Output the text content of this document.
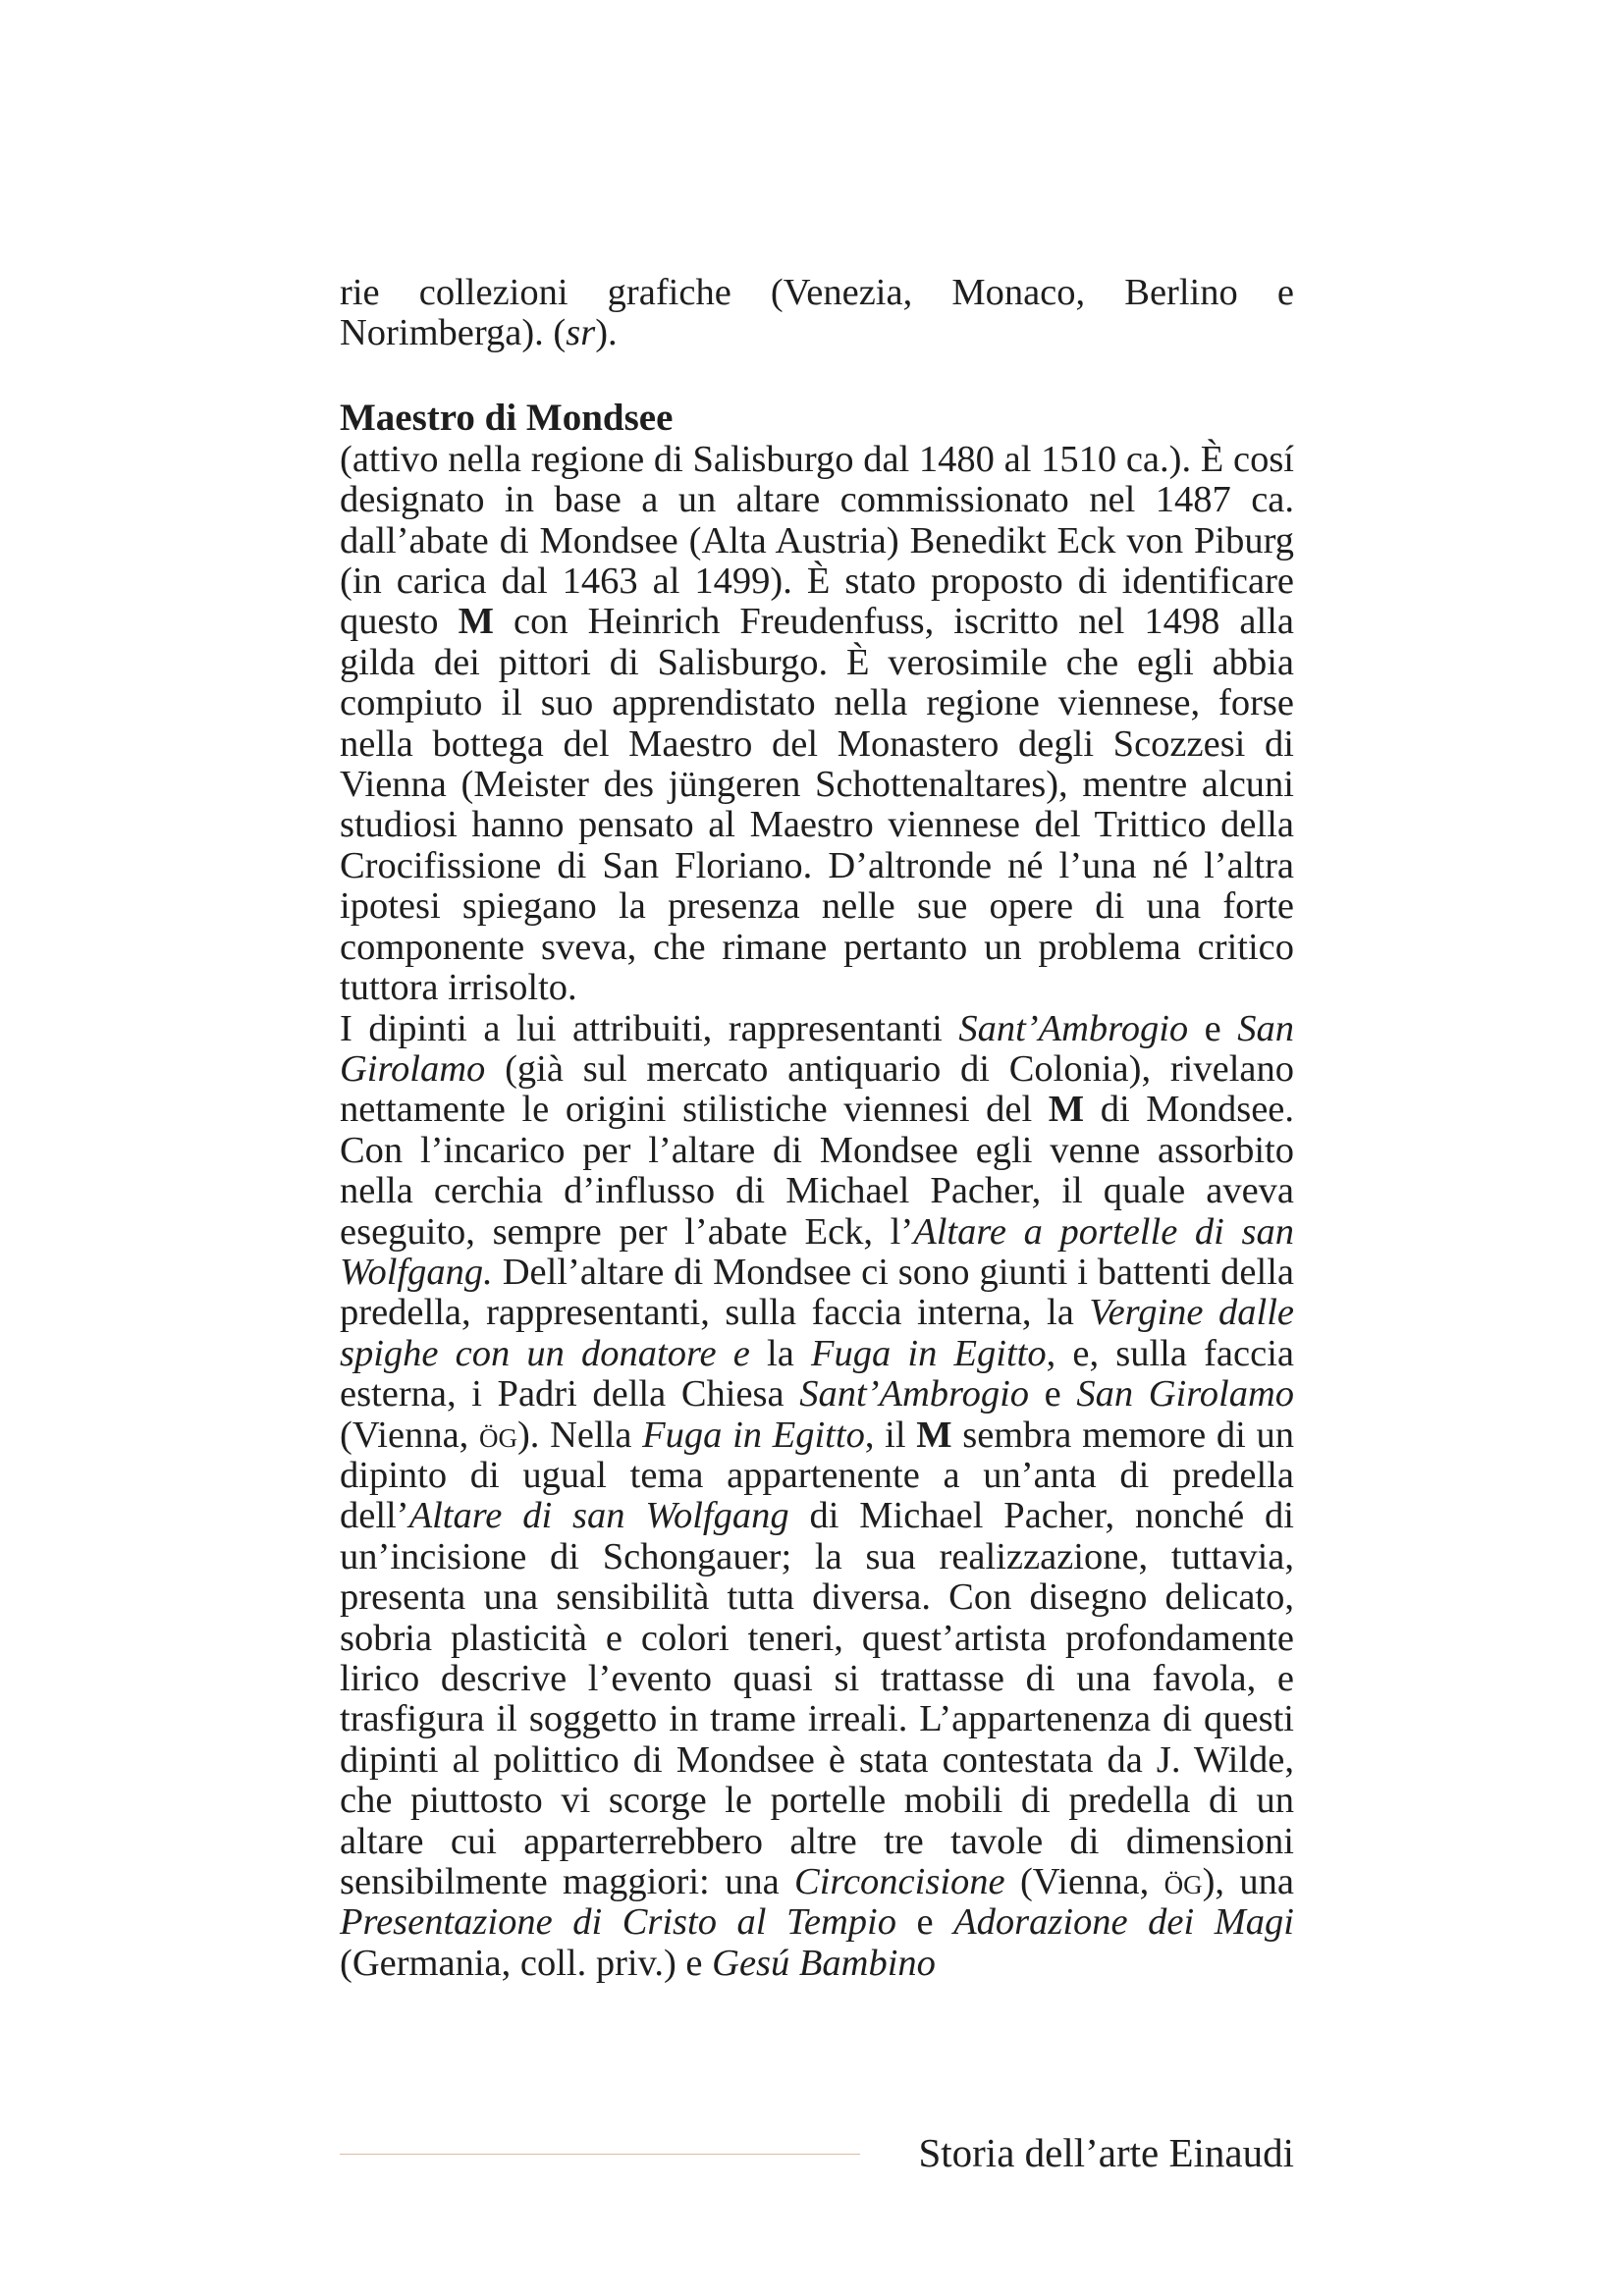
rie collezioni grafiche (Venezia, Monaco, Berlino e Norimberga). (sr).

Maestro di Mondsee

(attivo nella regione di Salisburgo dal 1480 al 1510 ca.). È cosí designato in base a un altare commissionato nel 1487 ca. dall’abate di Mondsee (Alta Austria) Benedikt Eck von Piburg (in carica dal 1463 al 1499). È stato proposto di identificare questo M con Heinrich Freudenfuss, iscritto nel 1498 alla gilda dei pittori di Salisburgo. È verosimile che egli abbia compiuto il suo apprendistato nella regione viennese, forse nella bottega del Maestro del Monastero degli Scozzesi di Vienna (Meister des jüngeren Schottenaltares), mentre alcuni studiosi hanno pensato al Maestro viennese del Trittico della Crocifissione di San Floriano. D’altronde né l’una né l’altra ipotesi spiegano la presenza nelle sue opere di una forte componente sveva, che rimane pertanto un problema critico tuttora irrisolto.

I dipinti a lui attribuiti, rappresentanti Sant’Ambrogio e San Girolamo (già sul mercato antiquario di Colonia), rivelano nettamente le origini stilistiche viennesi del M di Mondsee. Con l’incarico per l’altare di Mondsee egli venne assorbito nella cerchia d’influsso di Michael Pacher, il quale aveva eseguito, sempre per l’abate Eck, l’Altare a portelle di san Wolfgang. Dell’altare di Mondsee ci sono giunti i battenti della predella, rappresentanti, sulla faccia interna, la Vergine dalle spighe con un donatore e la Fuga in Egitto, e, sulla faccia esterna, i Padri della Chiesa Sant’Ambrogio e San Girolamo (Vienna, ög). Nella Fuga in Egitto, il M sembra memore di un dipinto di ugual tema appartenente a un’anta di predella dell’Altare di san Wolfgang di Michael Pacher, nonché di un’incisione di Schongauer; la sua realizzazione, tuttavia, presenta una sensibilità tutta diversa. Con disegno delicato, sobria plasticità e colori teneri, quest’artista profondamente lirico descrive l’evento quasi si trattasse di una favola, e trasfigura il soggetto in trame irreali. L’appartenenza di questi dipinti al polittico di Mondsee è stata contestata da J. Wilde, che piuttosto vi scorge le portelle mobili di predella di un altare cui apparterrebbero altre tre tavole di dimensioni sensibilmente maggiori: una Circoncisione (Vienna, ög), una Presentazione di Cristo al Tempio e Adorazione dei Magi (Germania, coll. priv.) e Gesú Bambino

Storia dell’arte Einaudi
